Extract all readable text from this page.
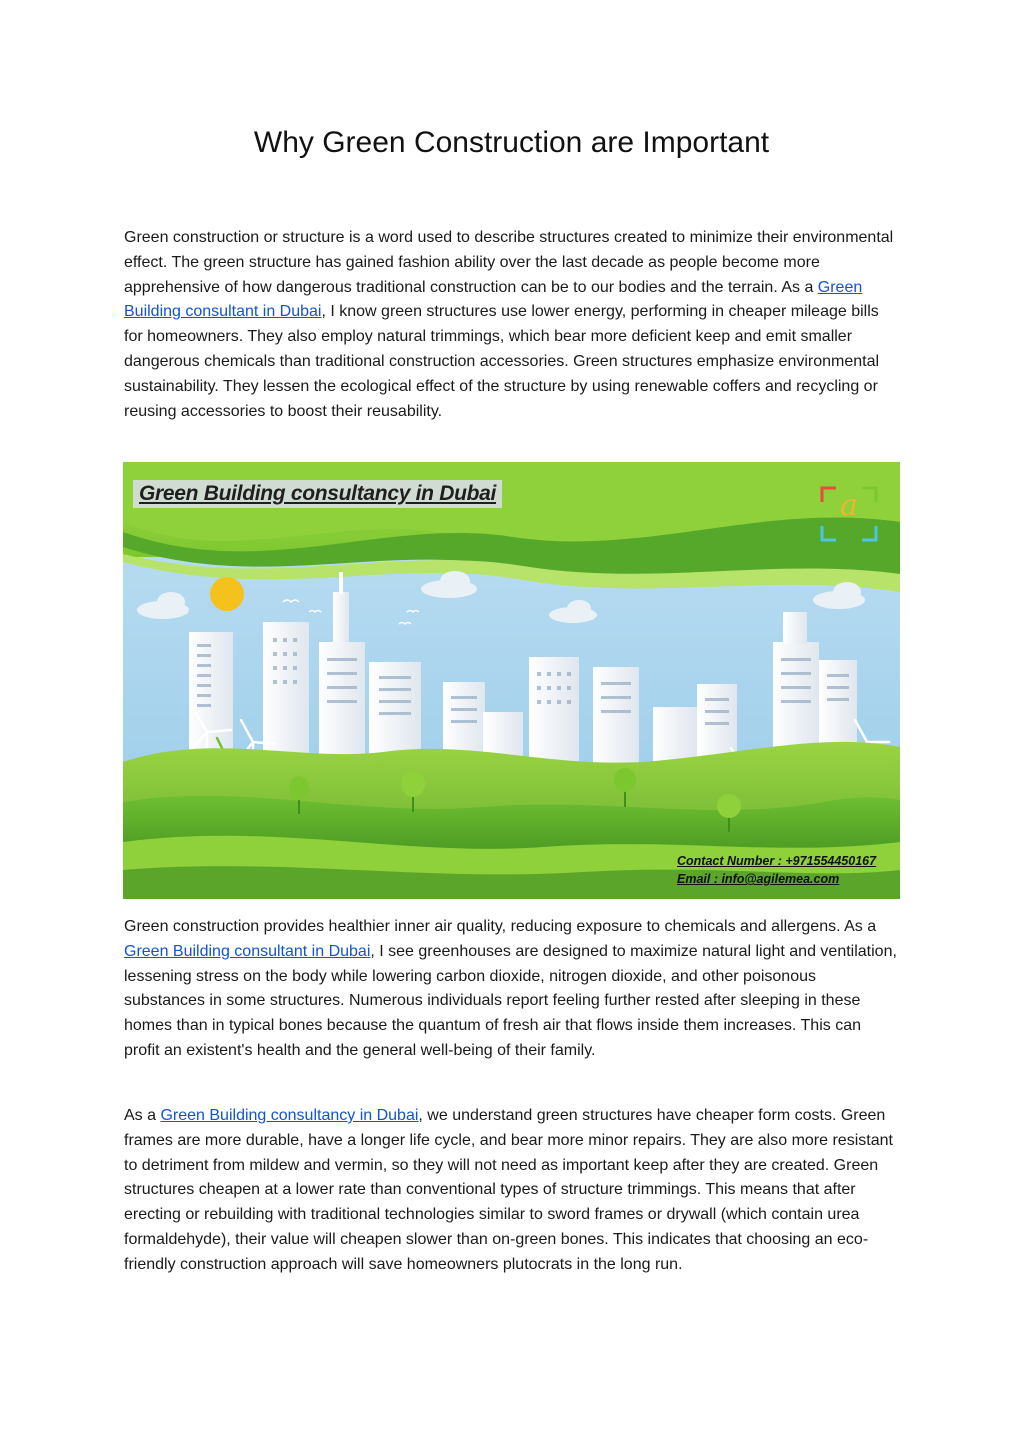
Why Green Construction are Important

Green construction or structure is a word used to describe structures created to minimize their environmental effect. The green structure has gained fashion ability over the last decade as people become more apprehensive of how dangerous traditional construction can be to our bodies and the terrain. As a Green Building consultant in Dubai, I know green structures use lower energy, performing in cheaper mileage bills for homeowners. They also employ natural trimmings, which bear more deficient keep and emit smaller dangerous chemicals than traditional construction accessories. Green structures emphasize environmental sustainability. They lessen the ecological effect of the structure by using renewable coffers and recycling or reusing accessories to boost their reusability.

Green Building consultancy in Dubai	a
Contact Number : +971554450167
Email : info@agilemea.com

Green construction provides healthier inner air quality, reducing exposure to chemicals and allergens. As a Green Building consultant in Dubai, I see greenhouses are designed to maximize natural light and ventilation, lessening stress on the body while lowering carbon dioxide, nitrogen dioxide, and other poisonous substances in some structures. Numerous individuals report feeling further rested after sleeping in these homes than in typical bones because the quantum of fresh air that flows inside them increases. This can profit an existent's health and the general well-being of their family.

As a Green Building consultancy in Dubai, we understand green structures have cheaper form costs. Green frames are more durable, have a longer life cycle, and bear more minor repairs. They are also more resistant to detriment from mildew and vermin, so they will not need as important keep after they are created. Green structures cheapen at a lower rate than conventional types of structure trimmings. This means that after erecting or rebuilding with traditional technologies similar to sword frames or drywall (which contain urea formaldehyde), their value will cheapen slower than on-green bones. This indicates that choosing an eco-friendly construction approach will save homeowners plutocrats in the long run.
